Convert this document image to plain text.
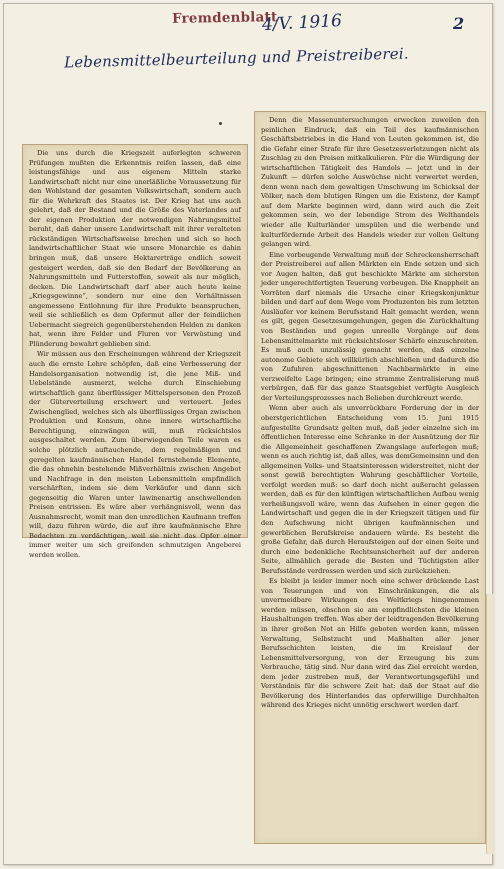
Fremdenblatt
4/V. 1916	2
Lebensmittelbeurteilung und Preistreiberei.

Die uns durch die Kriegszeit auferlegten schweren Prüfungen mußten die Erkenntnis reifen lassen, daß eine leistungsfähige und aus eigenem Mitteln starke Landwirtschaft nicht nur eine unerläßliche Voraussetzung für den Wohlstand der gesamten Volkswirtschaft, sondern auch für die Wehrkraft des Staates ist. Der Krieg hat uns auch gelehrt, daß der Bestand und die Größe des Vaterlandes auf der eigenen Produktion der notwendigen Nahrungsmittel beruht, daß daher unsere Landwirtschaft mit ihrer veralteten rückständigen Wirtschaftsweise brechen und sich so hoch landwirtschaftlicher Staat wie unsere Monarchie es dahin bringen muß, daß unsere Hektarerträge endlich soweit gesteigert werden, daß sie den Bedarf der Bevölkerung an Nahrungsmitteln und Futterstoffen, soweit als nur möglich, decken. Die Landwirtschaft darf aber auch heute keine „Kriegsgewinne“, sondern nur eine den Verhältnissen angemessene Entlohnung für ihre Produkte beanspruchen, weil sie schließlich es dem Opfermut aller der feindlichen Uebermacht siegreich gegenüberstehenden Helden zu danken hat, wenn ihre Felder und Fluren vor Verwüstung und Plünderung bewahrt geblieben sind.

Wir müssen aus den Erscheinungen während der Kriegszeit auch die ernste Lehre schöpfen, daß eine Verbesserung der Handelsorganisation notwendig ist, die jene Miß- und Uebelstände ausmerzt, welche durch Einschiebung wirtschaftlich ganz überflüssiger Mittelspersonen den Prozeß der Güterverteilung erschwert und verteuert. Jedes Zwischenglied, welches sich als überflüssiges Organ zwischen Produktion und Konsum, ohne innere wirtschaftliche Berechtigung, einzwängen will, muß rücksichtslos ausgeschaltet werden. Zum überwiegenden Teile waren es solche plötzlich auftauchende, dem regelmäßigen und geregelten kaufmännischen Handel fernstehende Elemente, die das ohnehin bestehende Mißverhältnis zwischen Angebot und Nachfrage in den meisten Lebensmitteln empfindlich verschärften, indem sie dem Verkäufer und dann sich gegenseitig die Waren unter lawinenartig anschwellenden Preisen entrissen. Es wäre aber verhängnisvoll, wenn das Ausnahmsrecht, womit man den unredlichen Kaufmann treffen will, dazu führen würde, die auf ihre kaufmännische Ehre Bedachten zu verdächtigen, weil sie nicht das Opfer einer immer weiter um sich greifenden schmutzigen Angeberei werden wollen.

Denn die Massenuntersuchungen erwecken zuweilen den peinlichen Eindruck, daß ein Teil des kaufmännischen Geschäftsbetriebes in die Hand von Leuten gekommen ist, die die Gefahr einer Strafe für ihre Gesetzesverletzungen nicht als Zuschlag zu den Preisen mitkalkulieren. Für die Würdigung der wirtschaftlichen Tätigkeit des Handels — jetzt und in der Zukunft — dürfen solche Auswüchse nicht verwertet werden, denn wenn nach dem gewaltigen Umschwung im Schicksal der Völker, nach dem blutigen Ringen um die Existenz, der Kampf auf dem Markte beginnen wird, dann wird auch die Zeit gekommen sein, wo der lebendige Strom des Welthandels wieder alle Kulturländer umspülen und die werbende und kulturfördernde Arbeit des Handels wieder zur vollen Geltung gelangen wird.

Eine vorbeugende Verwaltung muß der Schreckensherrschaft der Preistreiberei auf allen Märkten ein Ende setzen und sich vor Augen halten, daß gut beschickte Märkte am sichersten jeder ungerechtfertigten Teuerung vorbeugen. Die Knappheit an Vorräten darf niemals die Ursache einer Kriegskonjunktur bilden und darf auf dem Wege vom Produzenten bis zum letzten Ausläufer vor keinem Berufsstand Halt gemacht werden, wenn es gilt, gegen Gesetzesumgehungen, gegen die Zurückhaltung von Beständen und gegen unreelle Vorgänge auf dem Lebensmittelmarkte mit rücksichtsloser Schärfe einzuschreiten. Es muß auch unzulässig gemacht werden, daß einzelne autonome Gebiete sich willkürlich abschließen und dadurch die von Zufuhren abgeschnittenen Nachbarmärkte in eine verzweifelte Lage bringen; eine stramme Zentralisierung muß verbürgen, daß für das ganze Staatsgebiet verfügte Ausgleich der Verteilungsprozesses nach Belieben durchkreuzt werde.

Wenn aber auch als unverrückbare Forderung der in der oberstgerichtlichen Entscheidung vom 15. Juni 1915 aufgestellte Grundsatz gelten muß, daß jeder einzelne sich im öffentlichen Interesse eine Schranke in der Ausnützung der für die Allgemeinheit geschaffenen Zwangslage auferlegen muß; wenn es auch richtig ist, daß alles, was demGemeinsinn und den allgemeinen Volks- und Staatsinteressen widerstreitet, nicht der sonst gewiß berechtigten Wahrung geschäftlicher Vorteile, verfolgt werden muß: so darf doch nicht außeracht gelassen werden, daß es für den künftigen wirtschaftlichen Aufbau wenig verheißungsvoll wäre, wenn das Aufsehen in einer gegen die Landwirtschaft und gegen die in der Kriegszeit tätigen und für den Aufschwung nicht übrigen kaufmännischen und gewerblichen Berufskreise andauern würde. Es besteht die große Gefahr, daß durch Heraufsteigen auf der einen Seite und durch eine bedenkliche Rechtsunsicherheit auf der anderen Seite, allmählich gerade die Besten und Tüchtigsten aller Berufsstände verdrossen werden und sich zurückziehen.

Es bleibt ja leider immer noch eine schwer drückende Last von Teuerungen und von Einschränkungen, die als unvermeidbare Wirkungen des Weltkriegs hingenommen werden müssen, obschon sie am empfindlichsten die kleinen Haushaltungen treffen. Was aber der leidtragenden Bevölkerung in ihrer großen Not an Hilfe geboten werden kann, müssen Verwaltung, Selbstzucht und Maßhalten aller jener Berufsschichten leisten, die im Kreislauf der Lebensmittelversorgung, von der Erzeugung bis zum Verbrauche, tätig sind. Nur dann wird das Ziel erreicht werden, dem jeder zustreben muß, der Verantwortungsgefühl und Verständnis für die schwere Zeit hat: daß der Staat auf die Bevölkerung des Hinterlandes das opferwillige Durchhalten während des Krieges nicht unnötig erschwert werden darf.
